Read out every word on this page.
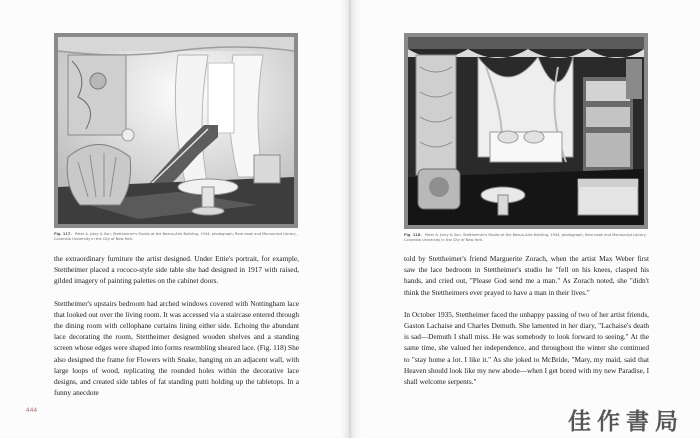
Fig. 117. Peter A. Juley & Son, Stettheimer's Studio at the Beaux-Arts Building, 1944, photograph, Rare book and Manuscript Library, Columbia University in the City of New York.

the extraordinary furniture the artist designed. Under Ettie's portrait, for example, Stettheimer placed a rococo-style side table she had designed in 1917 with raised, gilded imagery of painting palettes on the cabinet doors.

Stettheimer's upstairs bedroom had arched windows covered with Nottingham lace that looked out over the living room. It was accessed via a staircase entered through the dining room with cellophane curtains lining either side. Echoing the abundant lace decorating the room, Stettheimer designed wooden shelves and a standing screen whose edges were shaped into forms resembling sheared lace. (Fig. 118) She also designed the frame for Flowers with Snake, hanging on an adjacent wall, with large loops of wood, replicating the rounded holes within the decorative lace designs, and created side tables of fat standing putti holding up the tabletops. In a funny anecdote

444
Fig. 118. Peter A. Juley & Son, Stettheimer's Studio at the Beaux-Arts Building, 1944, photograph, Rare book and Manuscript Library, Columbia University in the City of New York.

told by Stettheimer's friend Marguerite Zorach, when the artist Max Weber first saw the lace bedroom in Stettheimer's studio he "fell on his knees, clasped his hands, and cried out, "Please God send me a man." As Zorach noted, she "didn't think the Stettheimers ever prayed to have a man in their lives."

In October 1935, Stettheimer faced the unhappy passing of two of her artist friends, Gaston Lachaise and Charles Demuth. She lamented in her diary, "Lachaise's death is sad—Demuth I shall miss. He was somebody to look forward to seeing." At the same time, she valued her independence, and throughout the winter she continued to "stay home a lot. I like it." As she joked to McBride, "Mary, my maid, said that Heaven should look like my new abode—when I get bored with my new Paradise, I shall welcome serpents."

佳作書局
